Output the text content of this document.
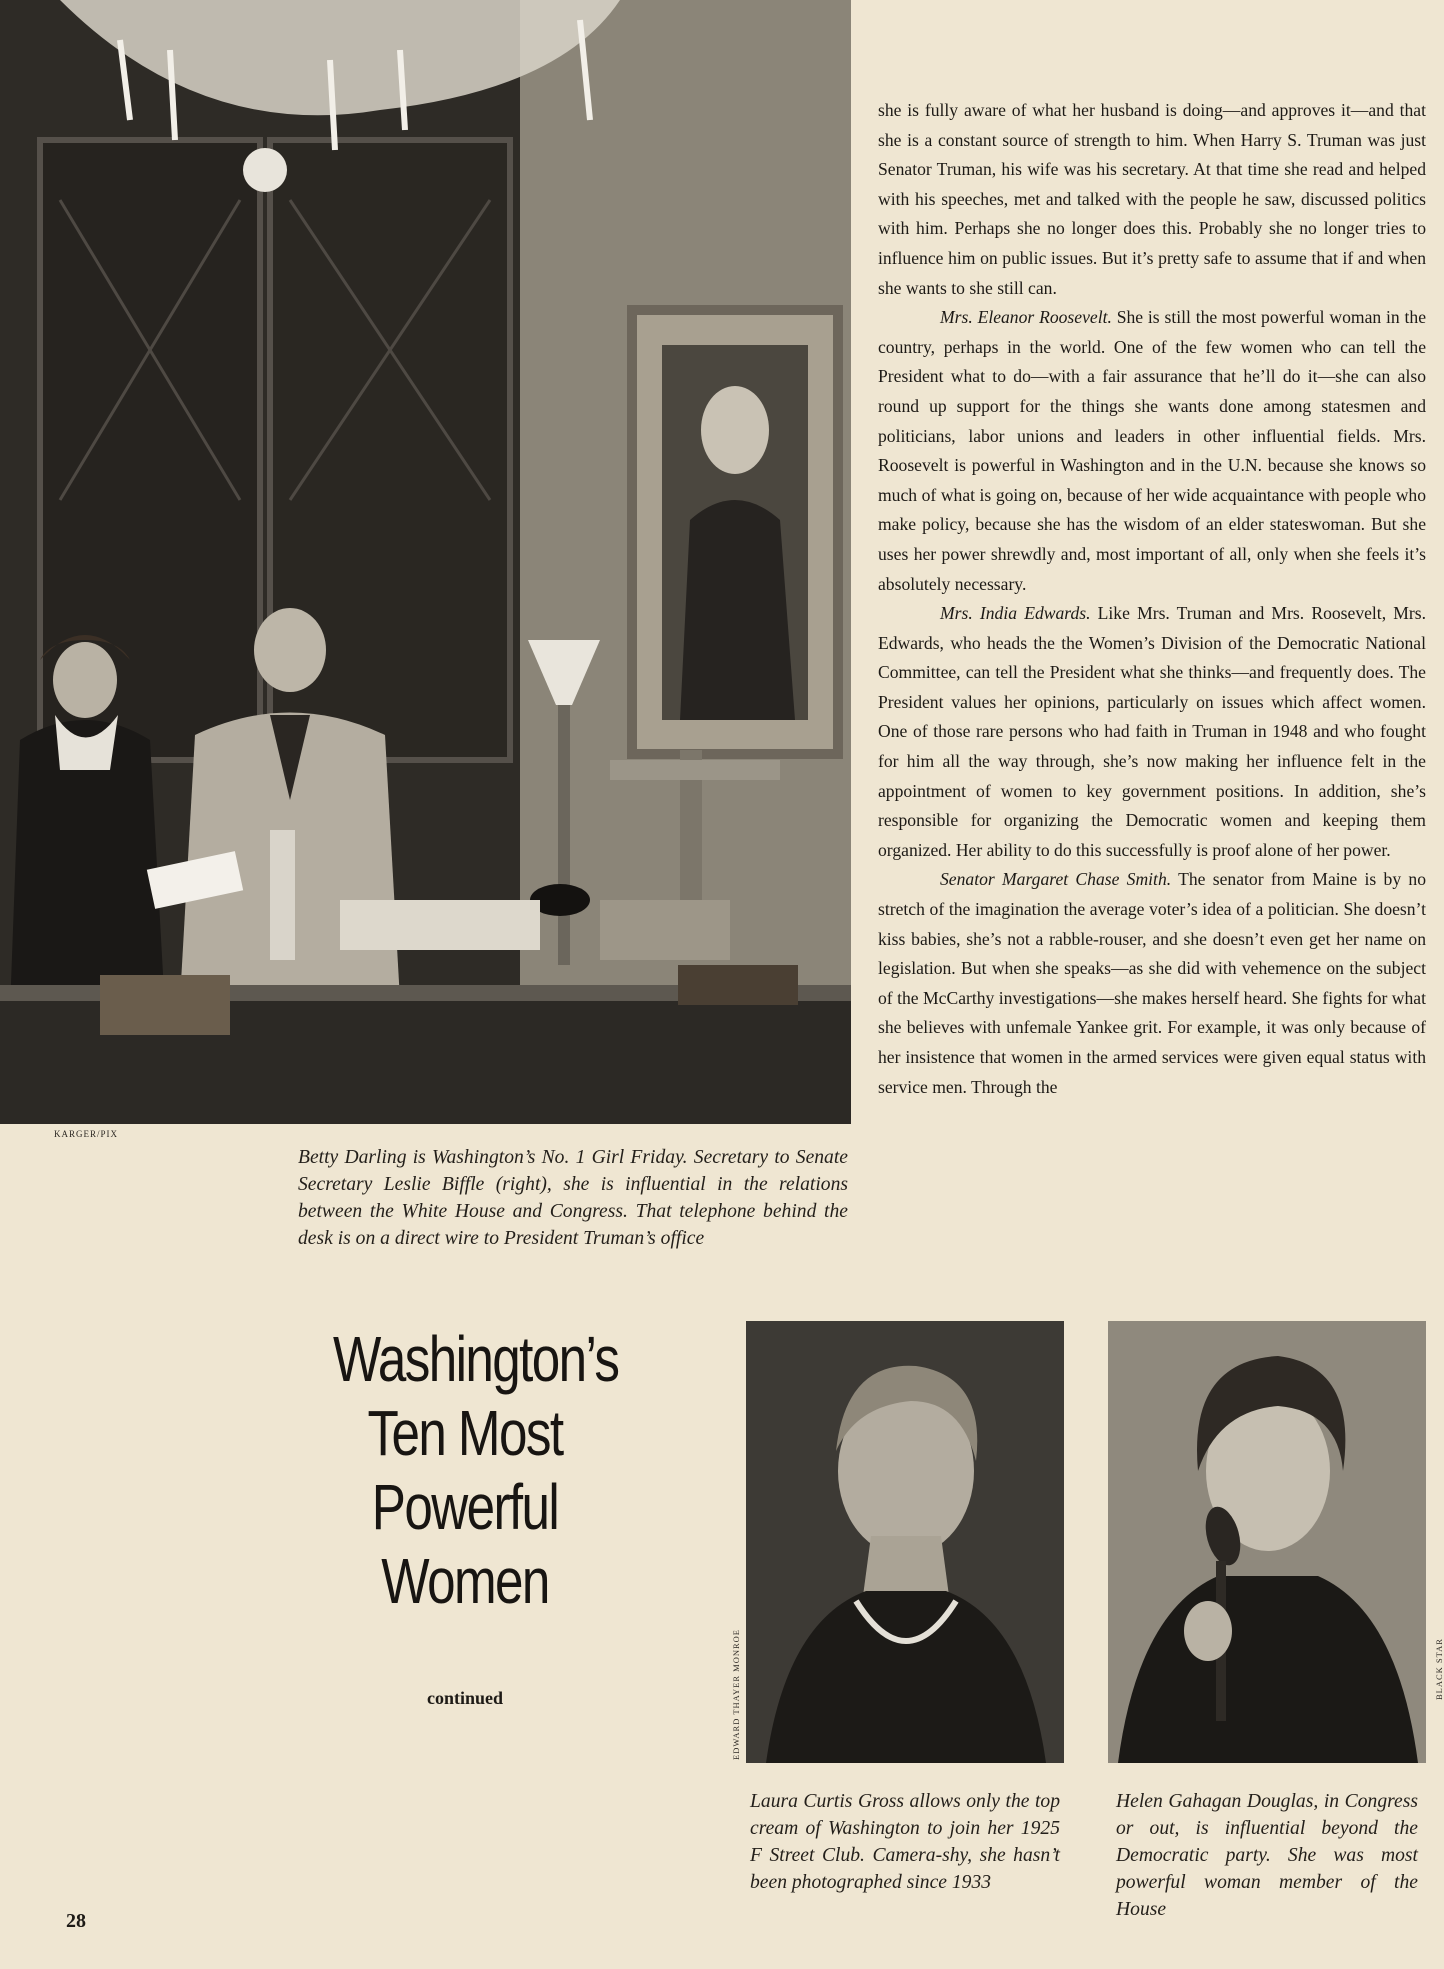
KARGER/PIX
Betty Darling is Washington’s No. 1 Girl Friday. Secretary to Senate Secretary Leslie Biffle (right), she is influential in the relations between the White House and Congress. That telephone behind the desk is on a direct wire to President Truman’s office

she is fully aware of what her husband is doing—and approves it—and that she is a constant source of strength to him. When Harry S. Truman was just Senator Truman, his wife was his secretary. At that time she read and helped with his speeches, met and talked with the people he saw, discussed politics with him. Perhaps she no longer does this. Probably she no longer tries to influence him on public issues. But it’s pretty safe to assume that if and when she wants to she still can.

Mrs. Eleanor Roosevelt. She is still the most powerful woman in the country, perhaps in the world. One of the few women who can tell the President what to do—with a fair assurance that he’ll do it—she can also round up support for the things she wants done among statesmen and politicians, labor unions and leaders in other influential fields. Mrs. Roosevelt is powerful in Washington and in the U.N. because she knows so much of what is going on, because of her wide acquaintance with people who make policy, because she has the wisdom of an elder stateswoman. But she uses her power shrewdly and, most important of all, only when she feels it’s absolutely necessary.

Mrs. India Edwards. Like Mrs. Truman and Mrs. Roosevelt, Mrs. Edwards, who heads the the Women’s Division of the Democratic National Committee, can tell the President what she thinks—and frequently does. The President values her opinions, particularly on issues which affect women. One of those rare persons who had faith in Truman in 1948 and who fought for him all the way through, she’s now making her influence felt in the appointment of women to key government positions. In addition, she’s responsible for organizing the Democratic women and keeping them organized. Her ability to do this successfully is proof alone of her power.

Senator Margaret Chase Smith. The senator from Maine is by no stretch of the imagination the average voter’s idea of a politician. She doesn’t kiss babies, she’s not a rabble-rouser, and she doesn’t even get her name on legislation. But when she speaks—as she did with vehemence on the subject of the McCarthy investigations—she makes herself heard. She fights for what she believes with unfemale Yankee grit. For example, it was only because of her insistence that women in the armed services were given equal status with service men. Through the

Washington’s
Ten Most
Powerful
Women
continued	EDWARD THAYER MONROE
Laura Curtis Gross allows only the top cream of Washington to join her 1925 F Street Club. Camera-shy, she hasn’t been photographed since 1933
BLACK STAR
Helen Gahagan Douglas, in Congress or out, is influential beyond the Democratic party. She was most powerful woman member of the House
28
